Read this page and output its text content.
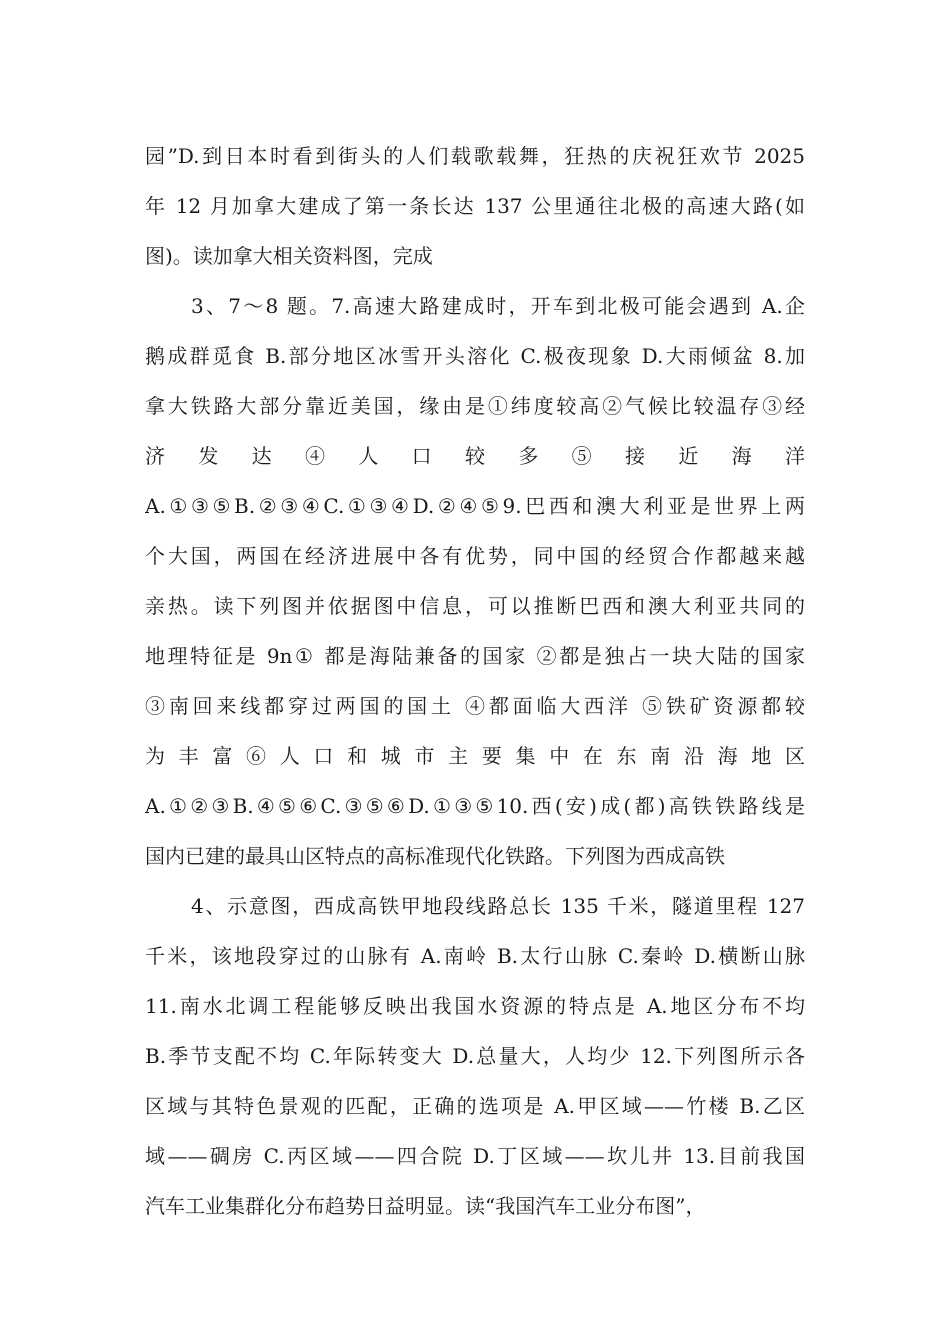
园”D.到日本时看到街头的人们载歌载舞，狂热的庆祝狂欢节 2025
年 12 月加拿大建成了第一条长达 137 公里通往北极的高速大路(如
图)。读加拿大相关资料图，完成
3、7～8 题。7.高速大路建成时，开车到北极可能会遇到 A.企
鹅成群觅食 B.部分地区冰雪开头溶化 C.极夜现象 D.大雨倾盆 8.加
拿大铁路大部分靠近美国，缘由是①纬度较高②气候比较温存③经
济 发 达 ④ 人 口 较 多 ⑤ 接 近 海 洋
A.①③⑤B.②③④C.①③④D.②④⑤9.巴西和澳大利亚是世界上两
个大国，两国在经济进展中各有优势，同中国的经贸合作都越来越
亲热。读下列图并依据图中信息，可以推断巴西和澳大利亚共同的
地理特征是 9n① 都是海陆兼备的国家 ②都是独占一块大陆的国家
③南回来线都穿过两国的国土 ④都面临大西洋 ⑤铁矿资源都较
为 丰 富 ⑥ 人 口 和 城 市 主 要 集 中 在 东 南 沿 海 地 区
A.①②③B.④⑤⑥C.③⑤⑥D.①③⑤10.西(安)成(都)高铁铁路线是
国内已建的最具山区特点的高标准现代化铁路。下列图为西成高铁
4、示意图，西成高铁甲地段线路总长 135 千米，隧道里程 127
千米，该地段穿过的山脉有 A.南岭 B.太行山脉 C.秦岭 D.横断山脉
11.南水北调工程能够反映出我国水资源的特点是 A.地区分布不均
B.季节支配不均 C.年际转变大 D.总量大，人均少 12.下列图所示各
区域与其特色景观的匹配，正确的选项是 A.甲区域——竹楼 B.乙区
域——碉房 C.丙区域——四合院 D.丁区域——坎儿井 13.目前我国
汽车工业集群化分布趋势日益明显。读“我国汽车工业分布图”，
